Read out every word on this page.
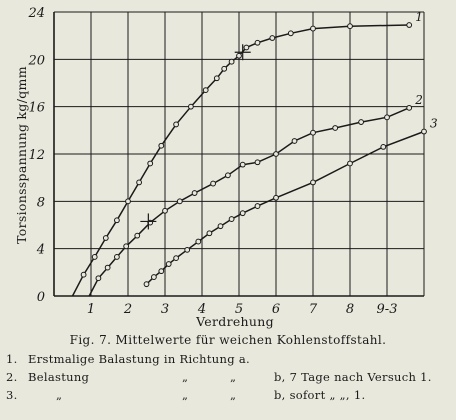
1 2 3 4 5 6 7 8 9-3
0
4
8
12
16
20
24	1
2
3
Verdrehung
Torsionsspannung kg/qmm
Fig. 7. Mittelwerte für weichen Kohlenstoffstahl.
1. Erstmalige Balastung in Richtung a.
2. Belastung	„	„	b, 7 Tage nach Versuch 1.
3.	„	„	„	b, sofort „ „, 1.
